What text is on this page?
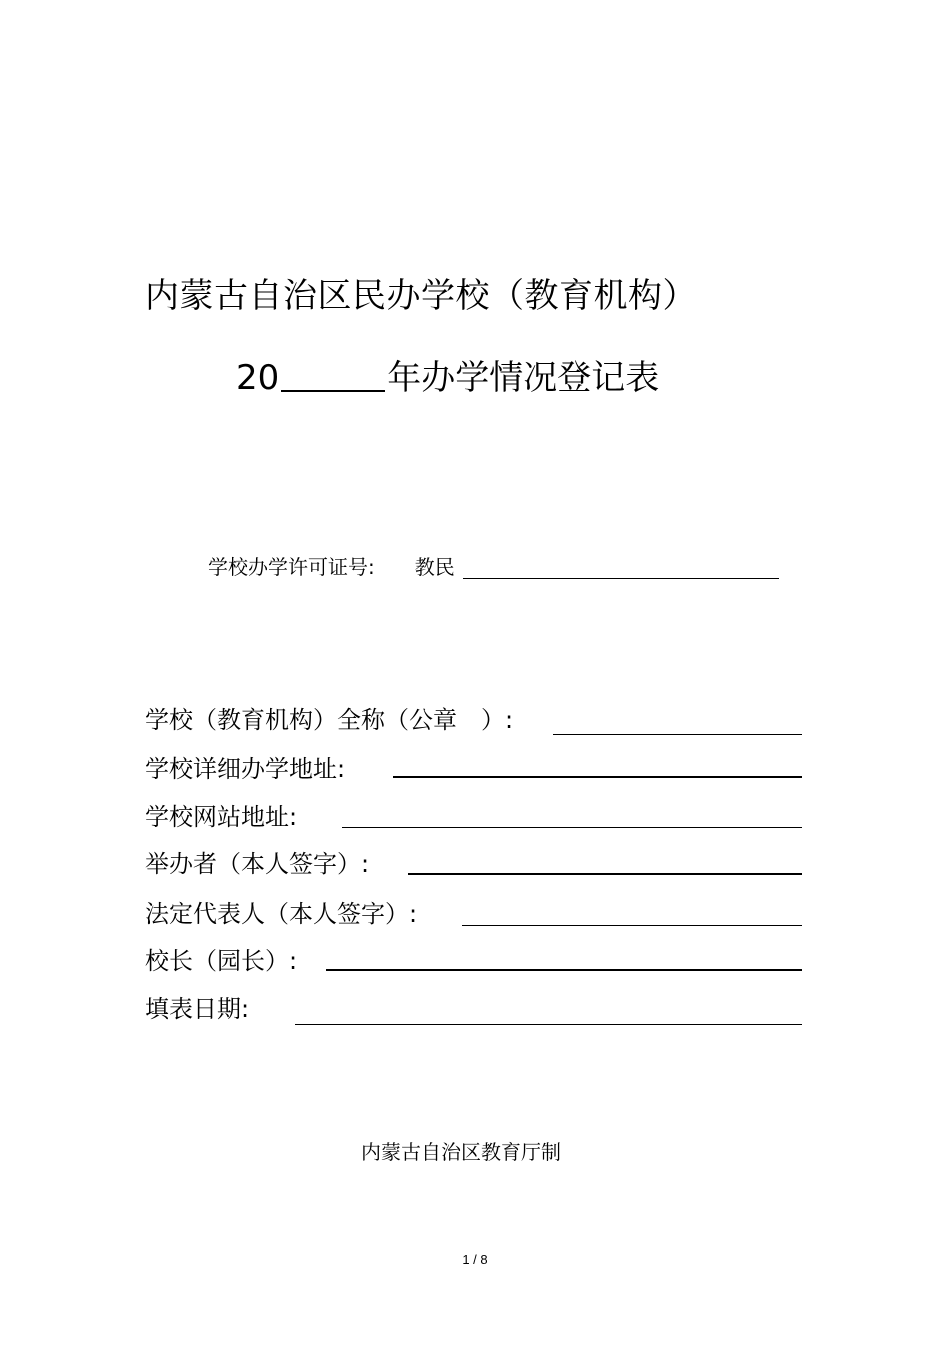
内蒙古自治区民办学校（教育机构）
20	年办学情况登记表
学校办学许可证号: 教民
学校（教育机构）全称（公章　）:
学校详细办学地址:
学校网站地址:
举办者（本人签字）:
法定代表人（本人签字）:
校长（园长）:
填表日期:
内蒙古自治区教育厅制
1 / 8
